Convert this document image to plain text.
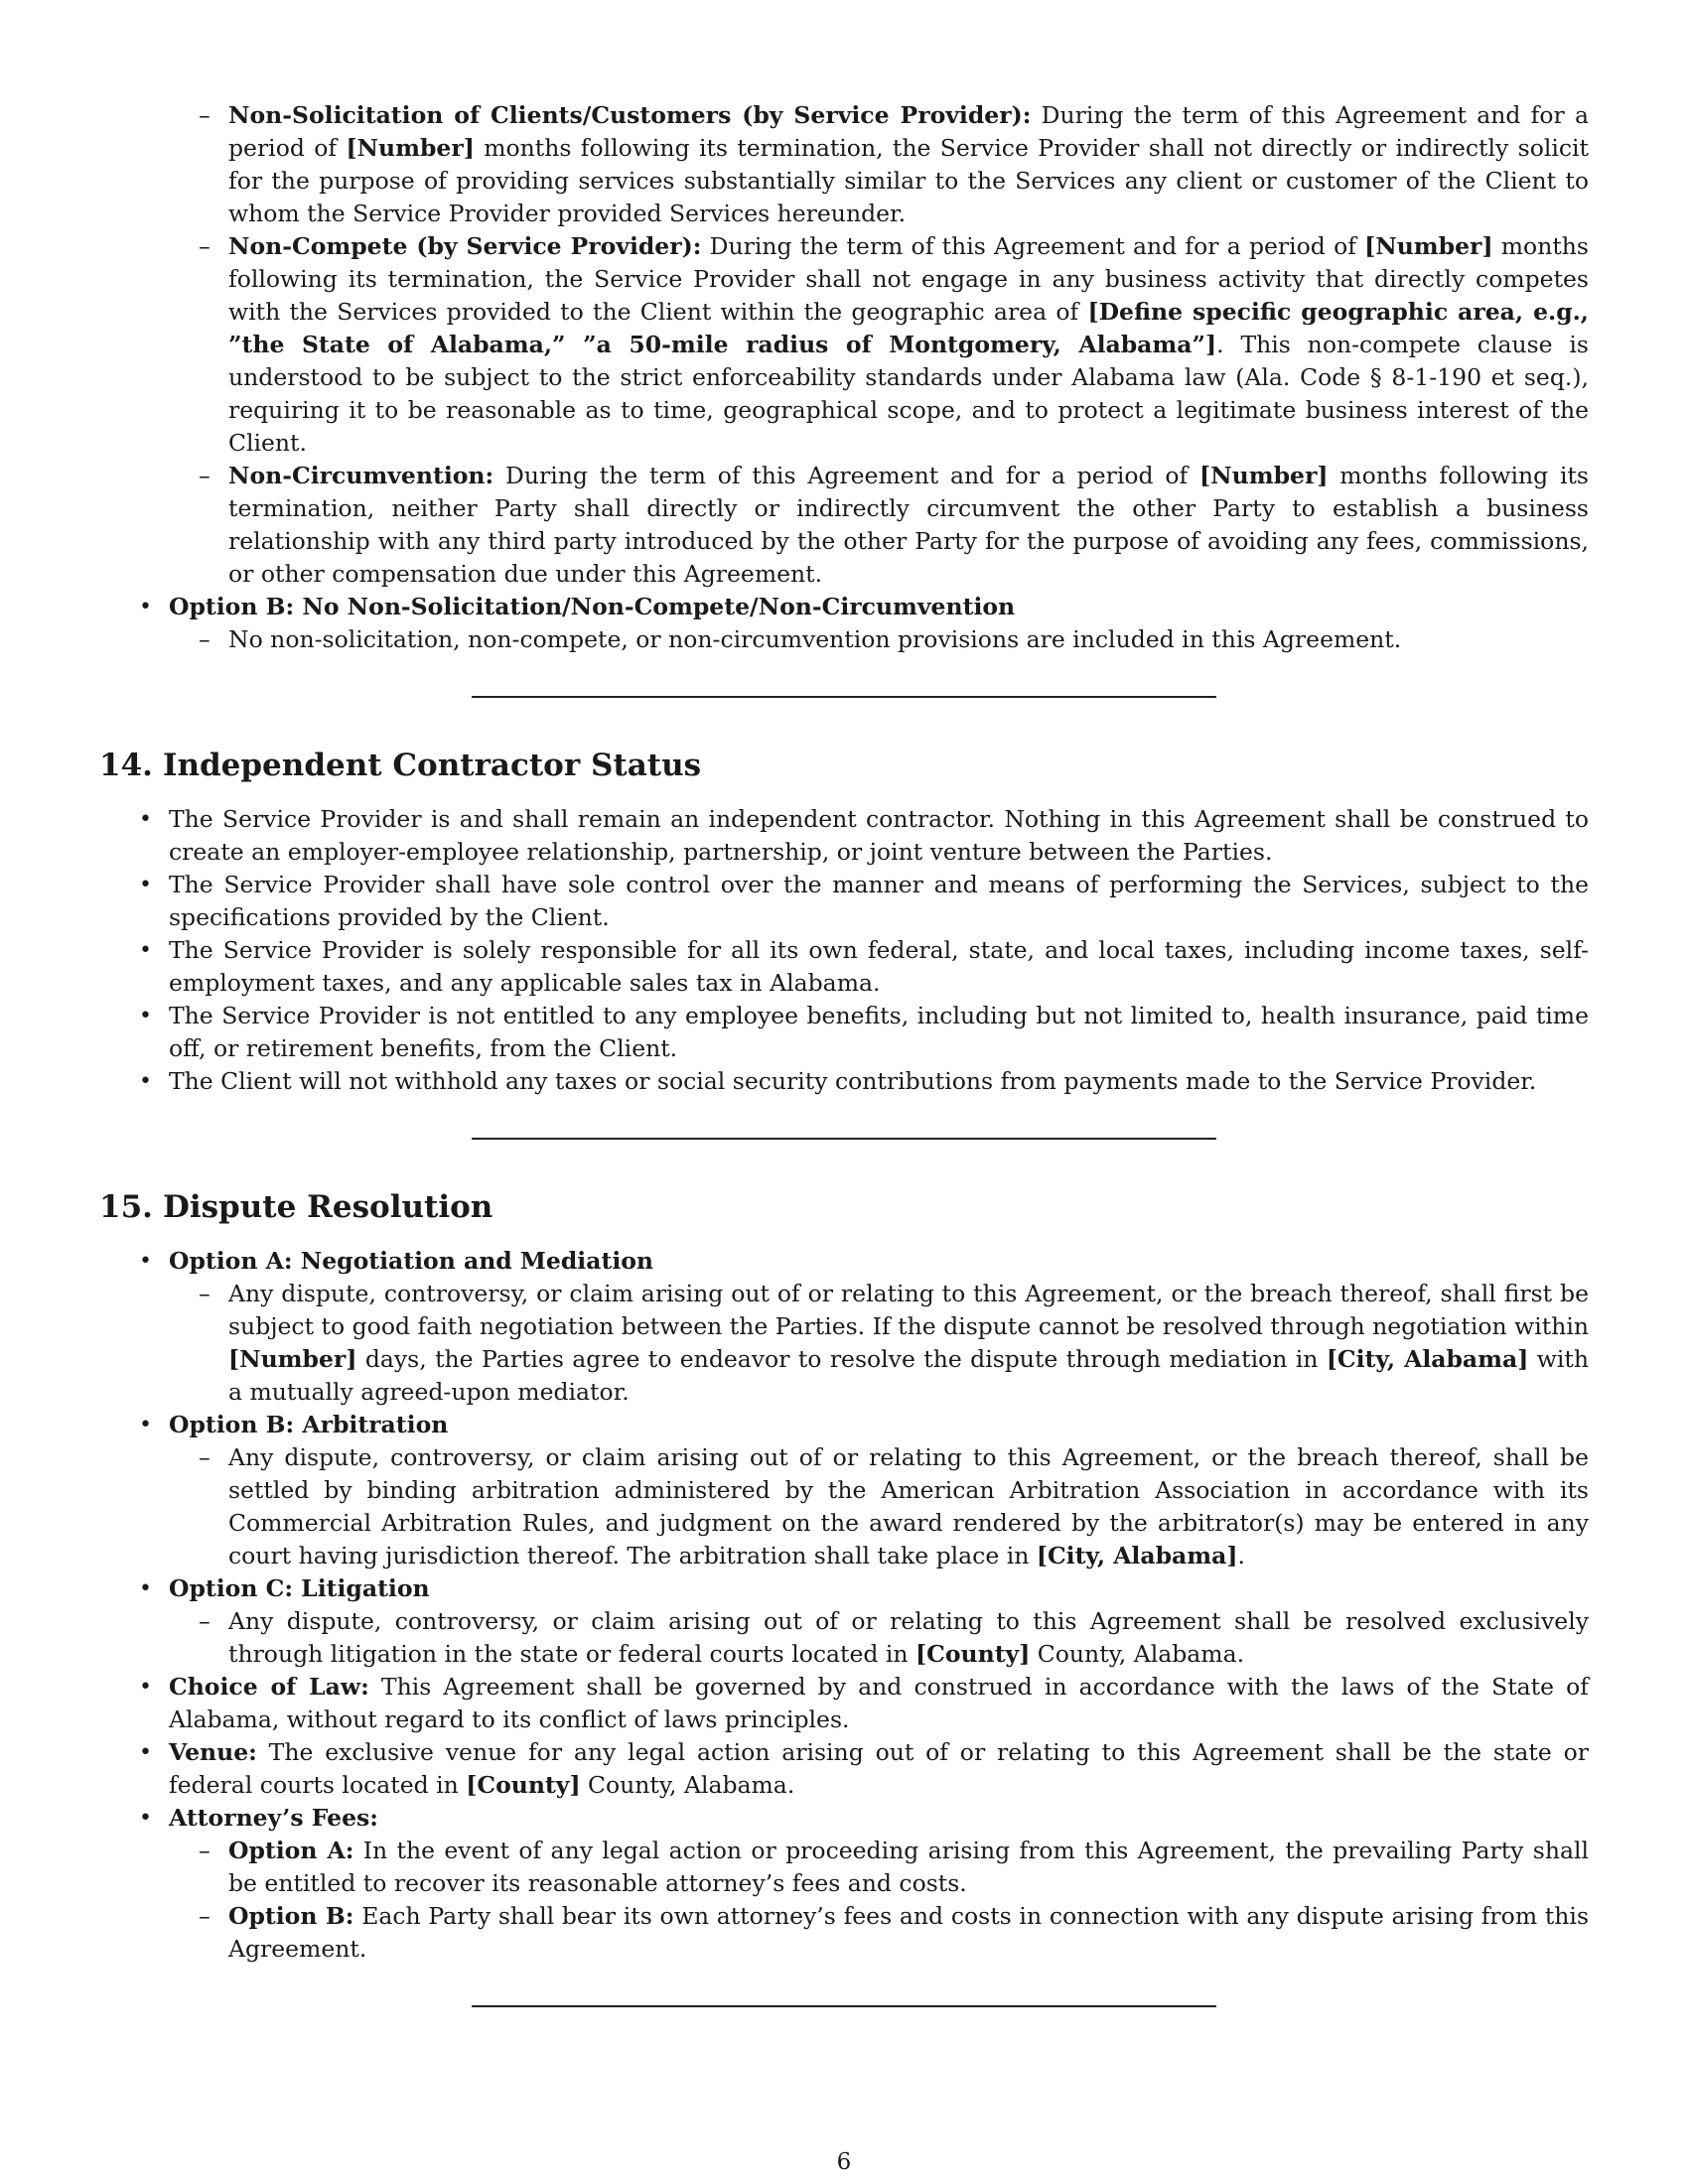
– Non-Solicitation of Clients/Customers (by Service Provider): During the term of this Agreement and for a period of [Number] months following its termination, the Service Provider shall not directly or indirectly solicit for the purpose of providing services substantially similar to the Services any client or customer of the Client to whom the Service Provider provided Services hereunder.
– Non-Compete (by Service Provider): During the term of this Agreement and for a period of [Number] months following its termination, the Service Provider shall not engage in any business activity that directly competes with the Services provided to the Client within the geographic area of [Define specific geographic area, e.g., ”the State of Alabama,” ”a 50-mile radius of Montgomery, Alabama”]. This non-compete clause is understood to be subject to the strict enforceability standards under Alabama law (Ala. Code § 8-1-190 et seq.), requiring it to be reasonable as to time, geographical scope, and to protect a legitimate business interest of the Client.
– Non-Circumvention: During the term of this Agreement and for a period of [Number] months following its termination, neither Party shall directly or indirectly circumvent the other Party to establish a business relationship with any third party introduced by the other Party for the purpose of avoiding any fees, commissions, or other compensation due under this Agreement.
• Option B: No Non-Solicitation/Non-Compete/Non-Circumvention
– No non-solicitation, non-compete, or non-circumvention provisions are included in this Agreement.
14. Independent Contractor Status
• The Service Provider is and shall remain an independent contractor. Nothing in this Agreement shall be construed to create an employer-employee relationship, partnership, or joint venture between the Parties.
• The Service Provider shall have sole control over the manner and means of performing the Services, subject to the specifications provided by the Client.
• The Service Provider is solely responsible for all its own federal, state, and local taxes, including income taxes, self-employment taxes, and any applicable sales tax in Alabama.
• The Service Provider is not entitled to any employee benefits, including but not limited to, health insurance, paid time off, or retirement benefits, from the Client.
• The Client will not withhold any taxes or social security contributions from payments made to the Service Provider.
15. Dispute Resolution
• Option A: Negotiation and Mediation
– Any dispute, controversy, or claim arising out of or relating to this Agreement, or the breach thereof, shall first be subject to good faith negotiation between the Parties. If the dispute cannot be resolved through negotiation within [Number] days, the Parties agree to endeavor to resolve the dispute through mediation in [City, Alabama] with a mutually agreed-upon mediator.
• Option B: Arbitration
– Any dispute, controversy, or claim arising out of or relating to this Agreement, or the breach thereof, shall be settled by binding arbitration administered by the American Arbitration Association in accordance with its Commercial Arbitration Rules, and judgment on the award rendered by the arbitrator(s) may be entered in any court having jurisdiction thereof. The arbitration shall take place in [City, Alabama].
• Option C: Litigation
– Any dispute, controversy, or claim arising out of or relating to this Agreement shall be resolved exclusively through litigation in the state or federal courts located in [County] County, Alabama.
• Choice of Law: This Agreement shall be governed by and construed in accordance with the laws of the State of Alabama, without regard to its conflict of laws principles.
• Venue: The exclusive venue for any legal action arising out of or relating to this Agreement shall be the state or federal courts located in [County] County, Alabama.
• Attorney’s Fees:
– Option A: In the event of any legal action or proceeding arising from this Agreement, the prevailing Party shall be entitled to recover its reasonable attorney’s fees and costs.
– Option B: Each Party shall bear its own attorney’s fees and costs in connection with any dispute arising from this Agreement.
6
